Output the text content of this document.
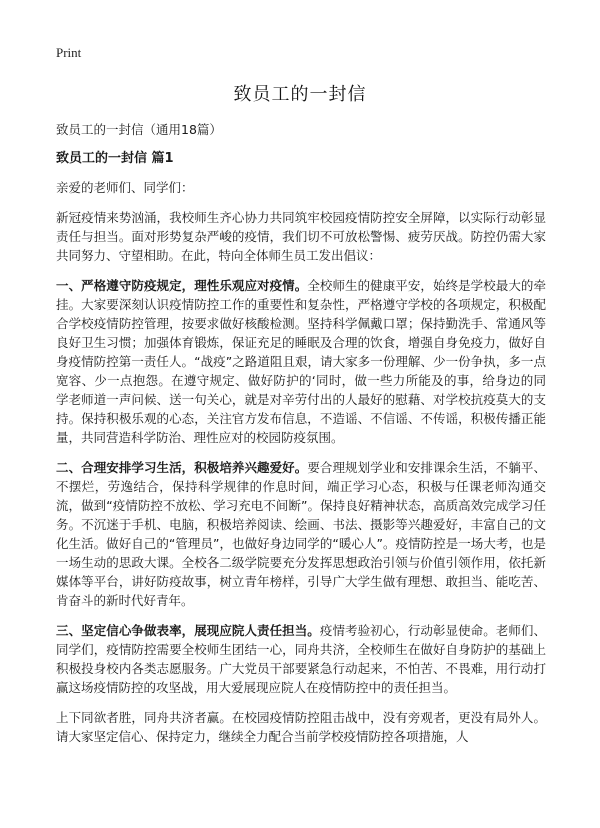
Print
致员工的一封信
致员工的一封信（通用18篇）
致员工的一封信 篇1
亲爱的老师们、同学们：

新冠疫情来势汹涌，我校师生齐心协力共同筑牢校园疫情防控安全屏障，以实际行动彰显责任与担当。面对形势复杂严峻的疫情，我们切不可放松警惕、疲劳厌战。防控仍需大家共同努力、守望相助。在此，特向全体师生员工发出倡议：

一、严格遵守防疫规定，理性乐观应对疫情。全校师生的健康平安，始终是学校最大的牵挂。大家要深刻认识疫情防控工作的重要性和复杂性，严格遵守学校的各项规定，积极配合学校疫情防控管理，按要求做好核酸检测。坚持科学佩戴口罩；保持勤洗手、常通风等良好卫生习惯；加强体育锻炼，保证充足的睡眠及合理的饮食，增强自身免疫力，做好自身疫情防控第一责任人。“战疫”之路道阻且艰，请大家多一份理解、少一份争执，多一点宽容、少一点抱怨。在遵守规定、做好防护的‘同时，做一些力所能及的事，给身边的同学老师道一声问候、送一句关心，就是对辛劳付出的人最好的慰藉、对学校抗疫莫大的支持。保持积极乐观的心态，关注官方发布信息，不造谣、不信谣、不传谣，积极传播正能量，共同营造科学防治、理性应对的校园防疫氛围。

二、合理安排学习生活，积极培养兴趣爱好。要合理规划学业和安排课余生活，不躺平、不摆烂，劳逸结合，保持科学规律的作息时间，端正学习心态，积极与任课老师沟通交流，做到“疫情防控不放松、学习充电不间断”。保持良好精神状态，高质高效完成学习任务。不沉迷于手机、电脑，积极培养阅读、绘画、书法、摄影等兴趣爱好，丰富自己的文化生活。做好自己的“管理员”，也做好身边同学的“暖心人”。疫情防控是一场大考，也是一场生动的思政大课。全校各二级学院要充分发挥思想政治引领与价值引领作用，依托新媒体等平台，讲好防疫故事，树立青年榜样，引导广大学生做有理想、敢担当、能吃苦、肯奋斗的新时代好青年。

三、坚定信心争做表率，展现应院人责任担当。疫情考验初心，行动彰显使命。老师们、同学们，疫情防控需要全校师生团结一心，同舟共济，全校师生在做好自身防护的基础上积极投身校内各类志愿服务。广大党员干部要紧急行动起来，不怕苦、不畏难，用行动打赢这场疫情防控的攻坚战，用大爱展现应院人在疫情防控中的责任担当。

上下同欲者胜，同舟共济者赢。在校园疫情防控阻击战中，没有旁观者，更没有局外人。请大家坚定信心、保持定力，继续全力配合当前学校疫情防控各项措施，人
